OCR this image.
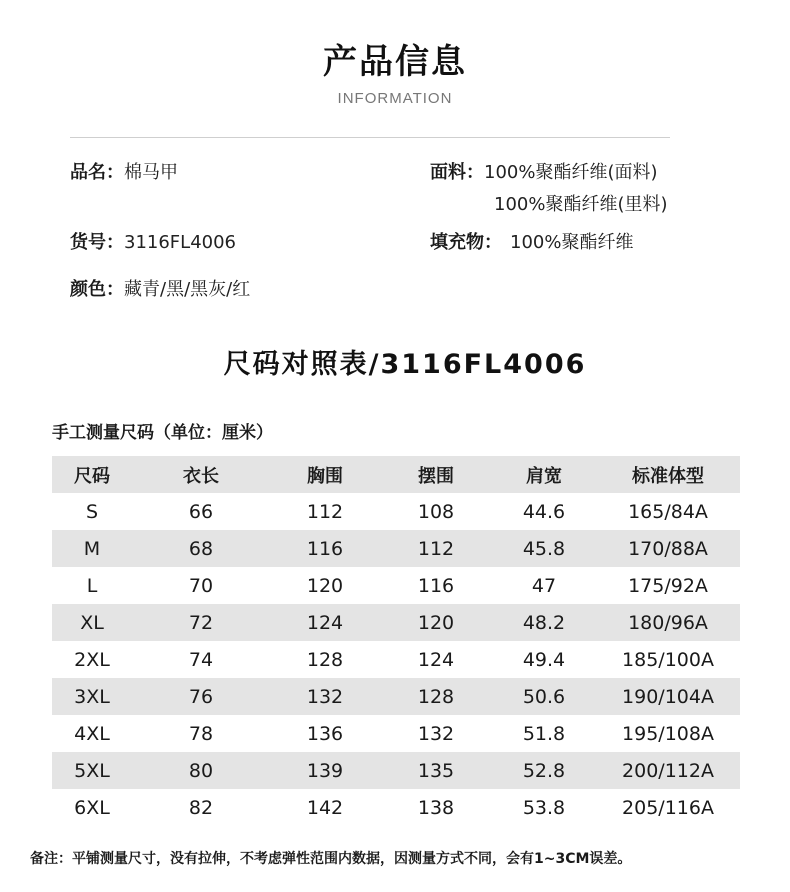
产品信息
INFORMATION
品名：棉马甲
货号：3116FL4006
颜色：藏青/黑/黑灰/红
面料：100%聚酯纤维(面料)
100%聚酯纤维(里料)
填充物： 100%聚酯纤维
尺码对照表/3116FL4006
手工测量尺码（单位：厘米）
尺码	衣长	胸围	摆围	肩宽	标准体型
S	66	112	108	44.6	165/84A
M	68	116	112	45.8	170/88A
L	70	120	116	47	175/92A
XL	72	124	120	48.2	180/96A
2XL	74	128	124	49.4	185/100A
3XL	76	132	128	50.6	190/104A
4XL	78	136	132	51.8	195/108A
5XL	80	139	135	52.8	200/112A
6XL	82	142	138	53.8	205/116A
备注：平铺测量尺寸，没有拉伸，不考虑弹性范围内数据，因测量方式不同，会有1~3CM误差。
